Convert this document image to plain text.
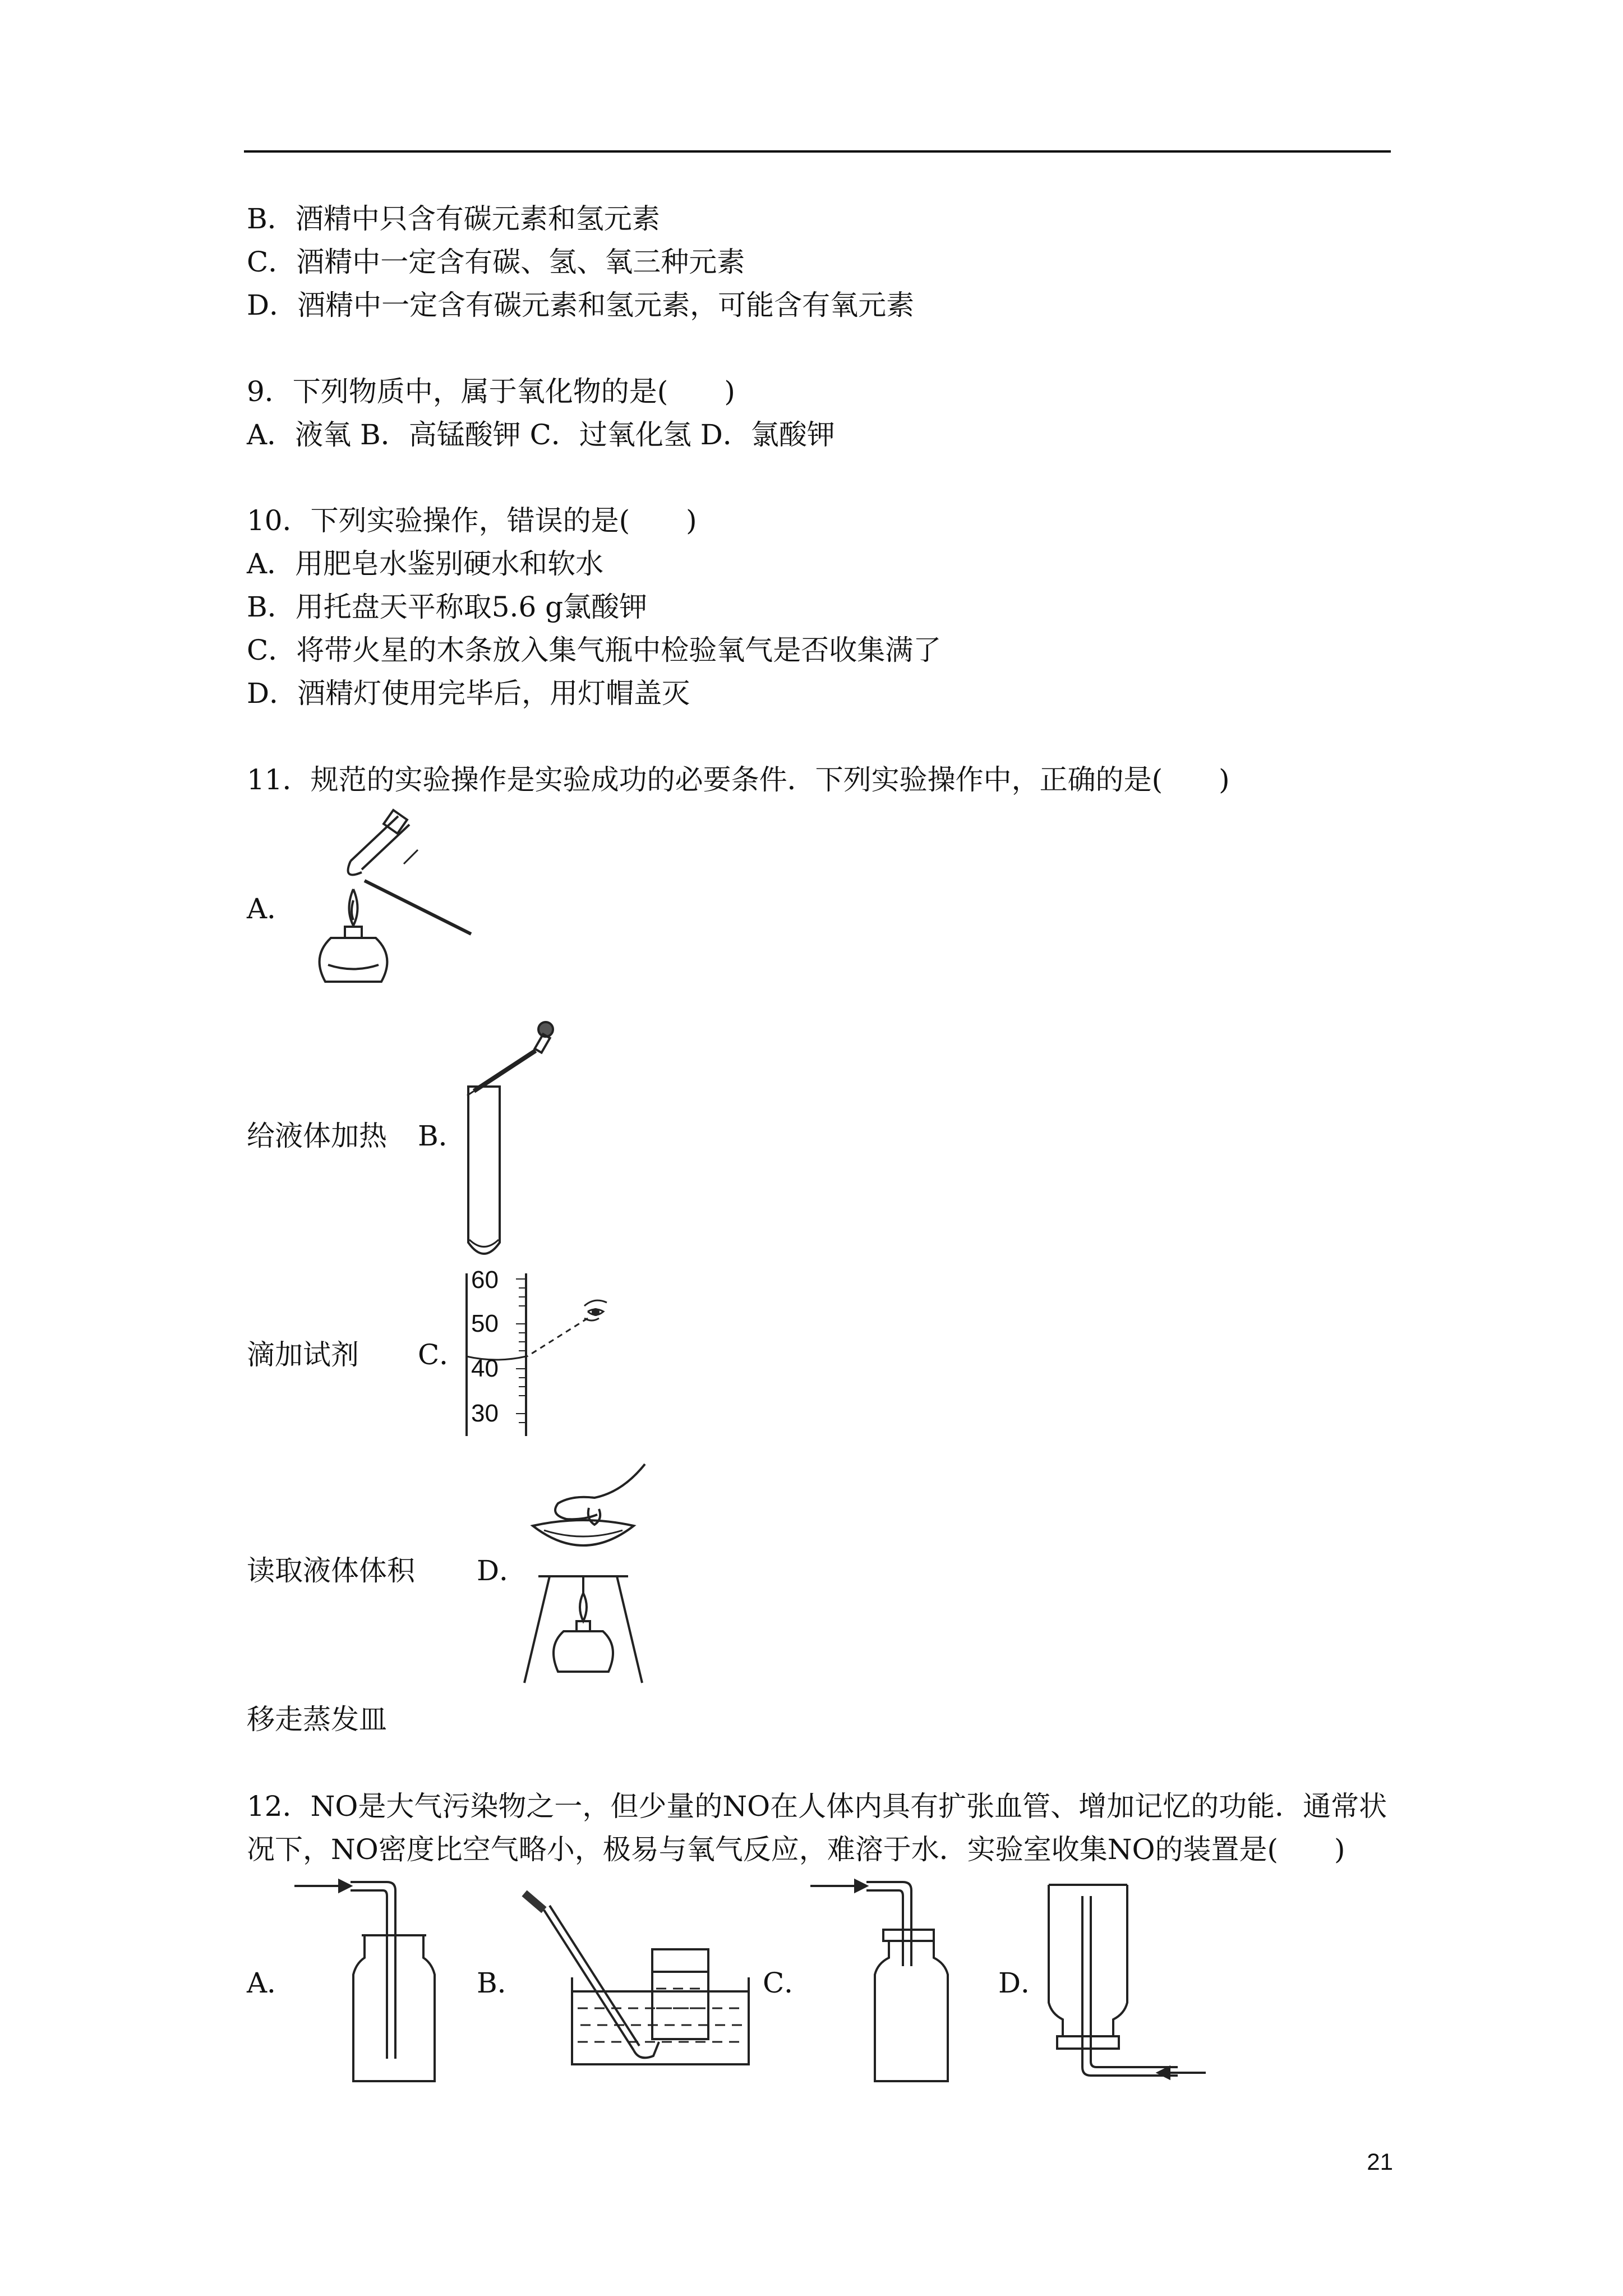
B．酒精中只含有碳元素和氢元素
C．酒精中一定含有碳、氢、氧三种元素
D．酒精中一定含有碳元素和氢元素，可能含有氧元素
9．下列物质中，属于氧化物的是(　　)
A．液氧 B．高锰酸钾 C．过氧化氢 D．氯酸钾
10．下列实验操作，错误的是(　　)
A．用肥皂水鉴别硬水和软水
B．用托盘天平称取5.6 g氯酸钾
C．将带火星的木条放入集气瓶中检验氧气是否收集满了
D．酒精灯使用完毕后，用灯帽盖灭
11．规范的实验操作是实验成功的必要条件．下列实验操作中，正确的是(　　)
A．
给液体加热 B．
滴加试剂 C．
60
50
40
30
读取液体体积 D．
移走蒸发皿
12．NO是大气污染物之一，但少量的NO在人体内具有扩张血管、增加记忆的功能．通常状
况下，NO密度比空气略小，极易与氧气反应，难溶于水．实验室收集NO的装置是(　　)
A．	B．	C．	D．
21
